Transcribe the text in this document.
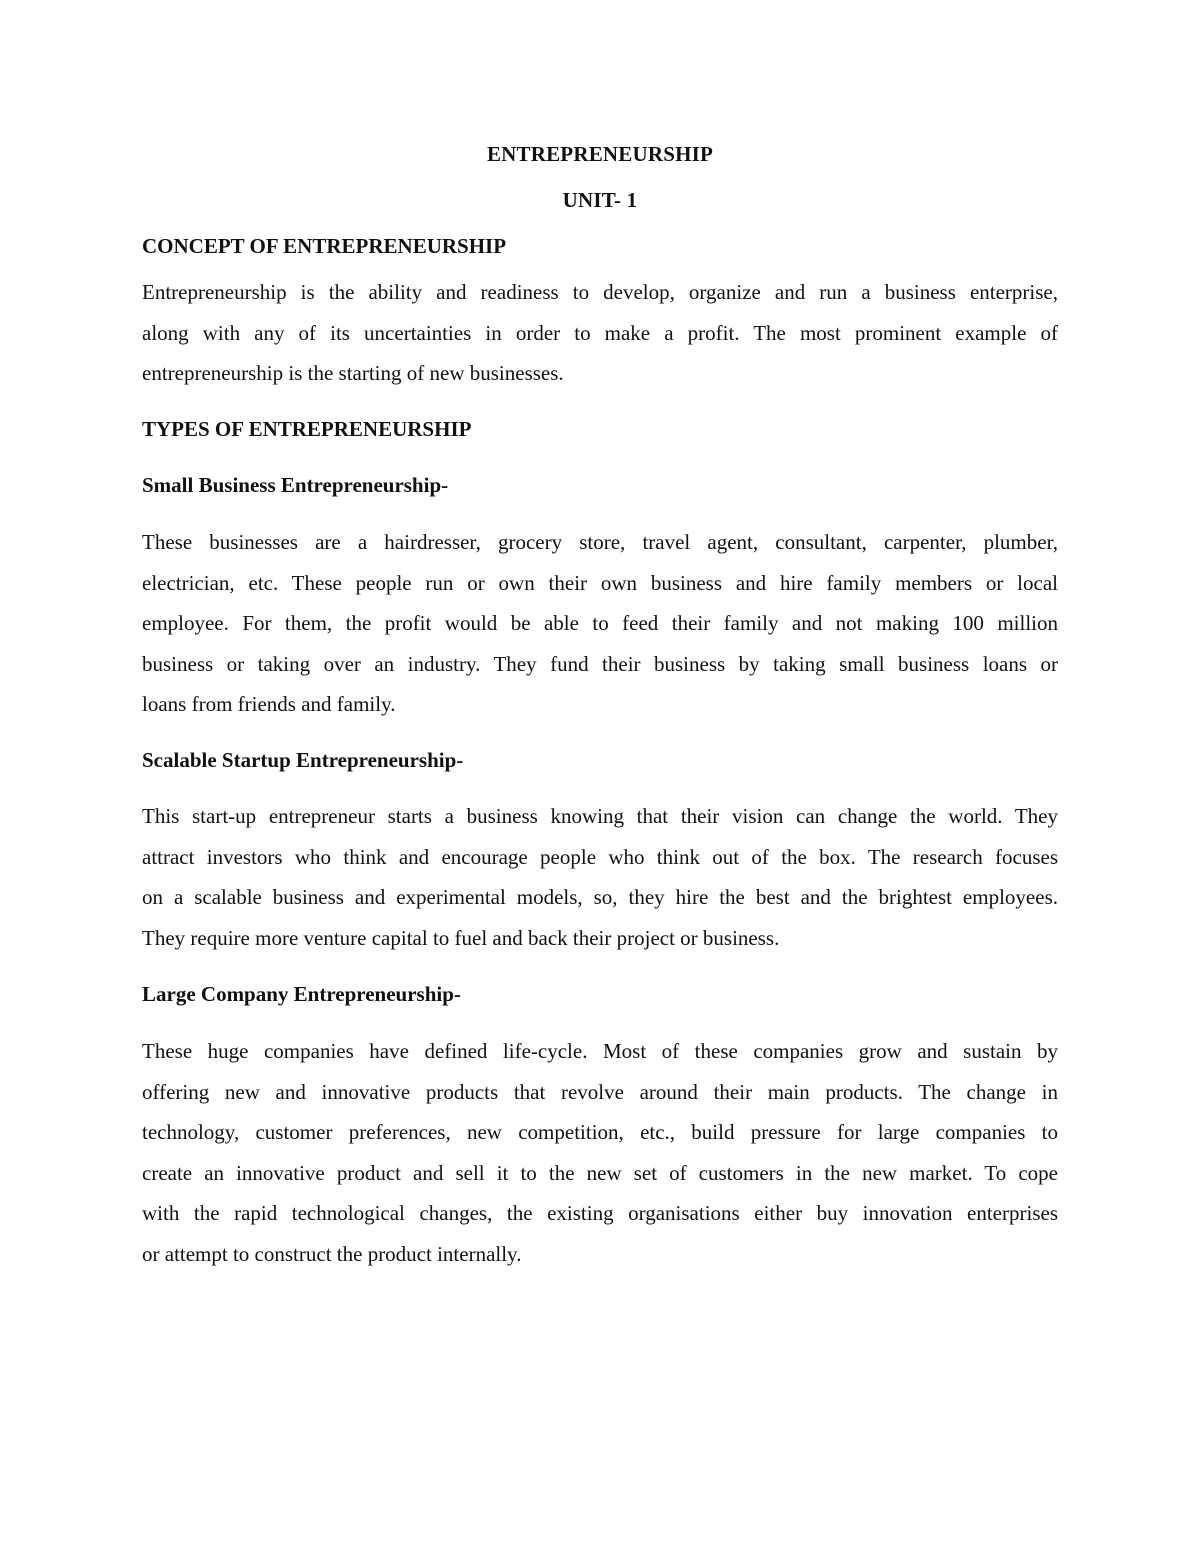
ENTREPRENEURSHIP
UNIT- 1
CONCEPT OF ENTREPRENEURSHIP
Entrepreneurship is the ability and readiness to develop, organize and run a business enterprise,
along with any of its uncertainties in order to make a profit. The most prominent example of
entrepreneurship is the starting of new businesses.
TYPES OF ENTREPRENEURSHIP
Small Business Entrepreneurship-
These businesses are a hairdresser, grocery store, travel agent, consultant, carpenter, plumber,
electrician, etc. These people run or own their own business and hire family members or local
employee. For them, the profit would be able to feed their family and not making 100 million
business or taking over an industry. They fund their business by taking small business loans or
loans from friends and family.
Scalable Startup Entrepreneurship-
This start-up entrepreneur starts a business knowing that their vision can change the world. They
attract investors who think and encourage people who think out of the box. The research focuses
on a scalable business and experimental models, so, they hire the best and the brightest employees.
They require more venture capital to fuel and back their project or business.
Large Company Entrepreneurship-
These huge companies have defined life-cycle. Most of these companies grow and sustain by
offering new and innovative products that revolve around their main products. The change in
technology, customer preferences, new competition, etc., build pressure for large companies to
create an innovative product and sell it to the new set of customers in the new market. To cope
with the rapid technological changes, the existing organisations either buy innovation enterprises
or attempt to construct the product internally.
